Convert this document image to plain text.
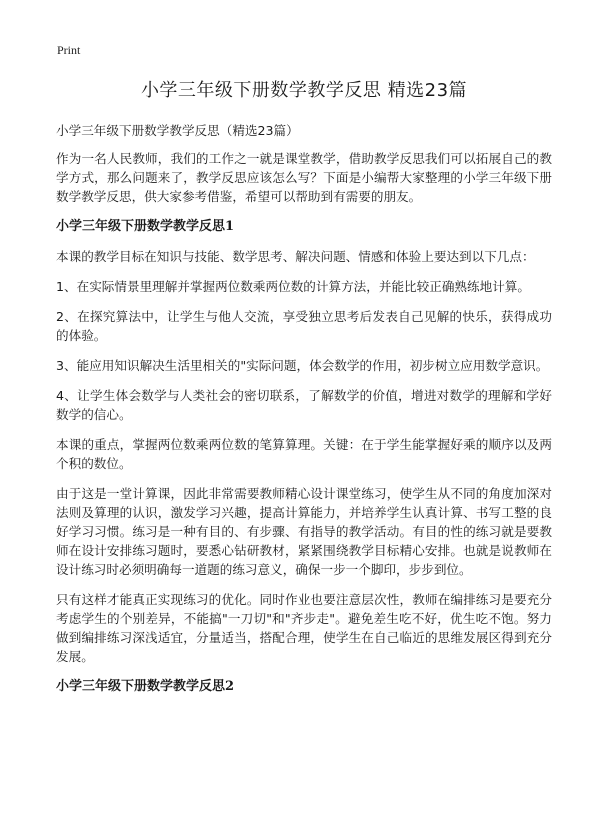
Print
小学三年级下册数学教学反思 精选23篇

小学三年级下册数学教学反思（精选23篇）

作为一名人民教师，我们的工作之一就是课堂教学，借助教学反思我们可以拓展自己的教学方式，那么问题来了，教学反思应该怎么写？下面是小编帮大家整理的小学三年级下册数学教学反思，供大家参考借鉴，希望可以帮助到有需要的朋友。

小学三年级下册数学教学反思1

本课的教学目标在知识与技能、数学思考、解决问题、情感和体验上要达到以下几点：

1、在实际情景里理解并掌握两位数乘两位数的计算方法，并能比较正确熟练地计算。

2、在探究算法中，让学生与他人交流，享受独立思考后发表自己见解的快乐，获得成功的体验。

3、能应用知识解决生活里相关的"实际问题，体会数学的作用，初步树立应用数学意识。

4、让学生体会数学与人类社会的密切联系，了解数学的价值，增进对数学的理解和学好数学的信心。

本课的重点，掌握两位数乘两位数的笔算算理。关键：在于学生能掌握好乘的顺序以及两个积的数位。

由于这是一堂计算课，因此非常需要教师精心设计课堂练习，使学生从不同的角度加深对法则及算理的认识，激发学习兴趣，提高计算能力，并培养学生认真计算、书写工整的良好学习习惯。练习是一种有目的、有步骤、有指导的教学活动。有目的性的练习就是要教师在设计安排练习题时，要悉心钻研教材，紧紧围绕教学目标精心安排。也就是说教师在设计练习时必须明确每一道题的练习意义，确保一步一个脚印，步步到位。

只有这样才能真正实现练习的优化。同时作业也要注意层次性，教师在编排练习是要充分考虑学生的个别差异，不能搞"一刀切"和"齐步走"。避免差生吃不好，优生吃不饱。努力做到编排练习深浅适宜，分量适当，搭配合理，使学生在自己临近的思维发展区得到充分发展。

小学三年级下册数学教学反思2
